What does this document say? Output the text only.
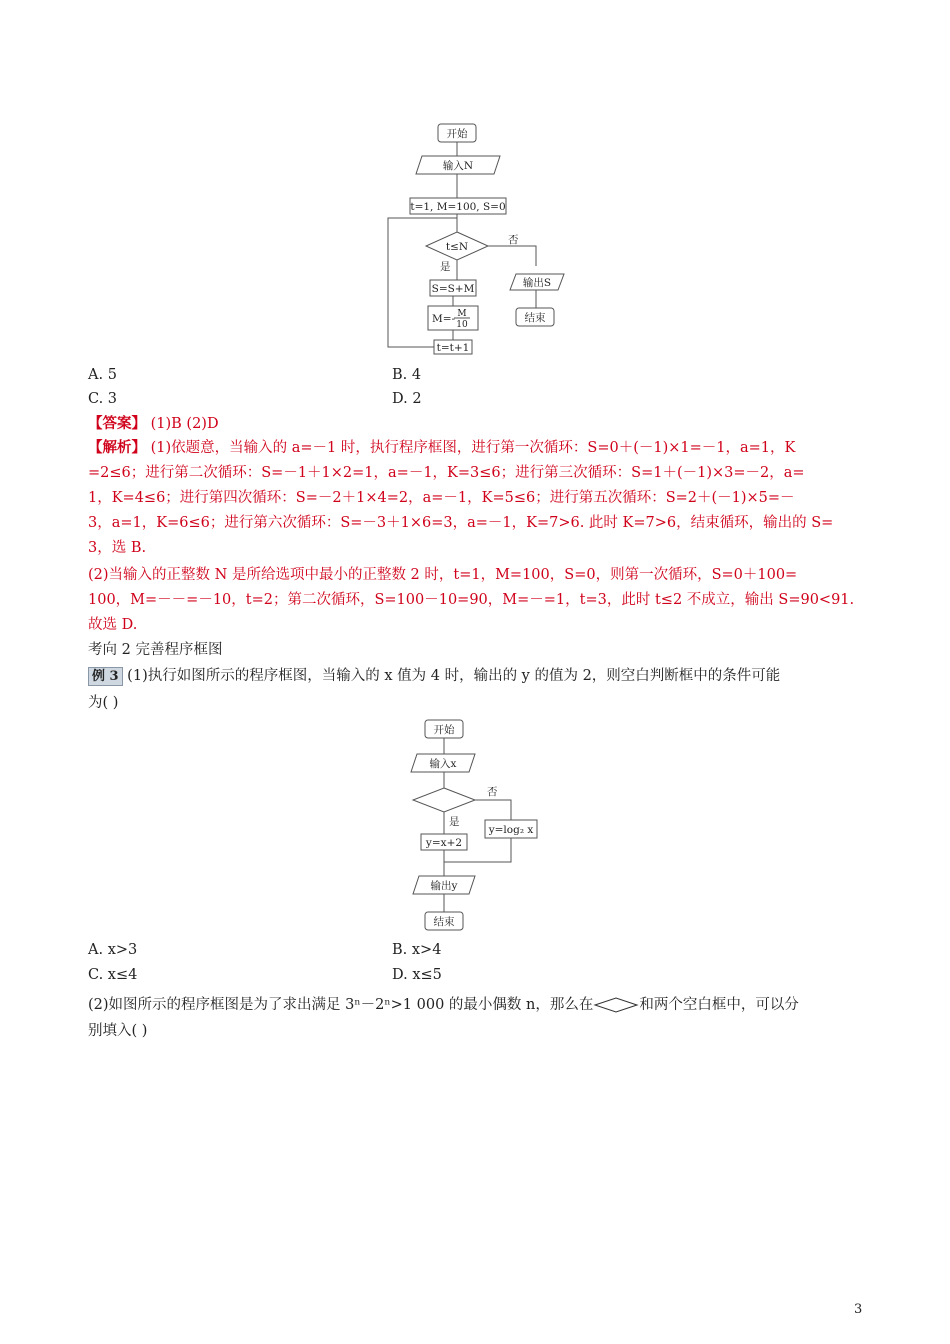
开始
输入N
t=1, M=100, S=0
t≤N
否
是
S=S+M
M=- M
10
t=t+1
输出S
结束
A. 5	B. 4
C. 3	D. 2
【答案】 (1)B (2)D
【解析】 (1)依题意，当输入的 a=－1 时，执行程序框图，进行第一次循环：S=0＋(－1)×1=－1，a=1，K
=2≤6；进行第二次循环：S=－1＋1×2=1，a=－1，K=3≤6；进行第三次循环：S=1＋(－1)×3=－2，a=
1，K=4≤6；进行第四次循环：S=－2＋1×4=2，a=－1，K=5≤6；进行第五次循环：S=2＋(－1)×5=－
3，a=1，K=6≤6；进行第六次循环：S=－3＋1×6=3，a=－1，K=7>6. 此时 K=7>6，结束循环，输出的 S=
3，选 B.
(2)当输入的正整数 N 是所给选项中最小的正整数 2 时，t=1，M=100，S=0，则第一次循环，S=0＋100=
100，M=－－=－10，t=2；第二次循环，S=100－10=90，M=－=1，t=3，此时 t≤2 不成立，输出 S=90<91.
故选 D.
考向 2 完善程序框图
例 3 (1)执行如图所示的程序框图，当输入的 x 值为 4 时，输出的 y 的值为 2，则空白判断框中的条件可能
为( )
开始
输入x
否
是
y=x+2
y=log₂ x
输出y
结束
A. x>3	B. x>4
C. x≤4	D. x≤5
(2)如图所示的程序框图是为了求出满足 3ⁿ－2ⁿ>1 000 的最小偶数 n，那么在	和两个空白框中，可以分
别填入( )
3
